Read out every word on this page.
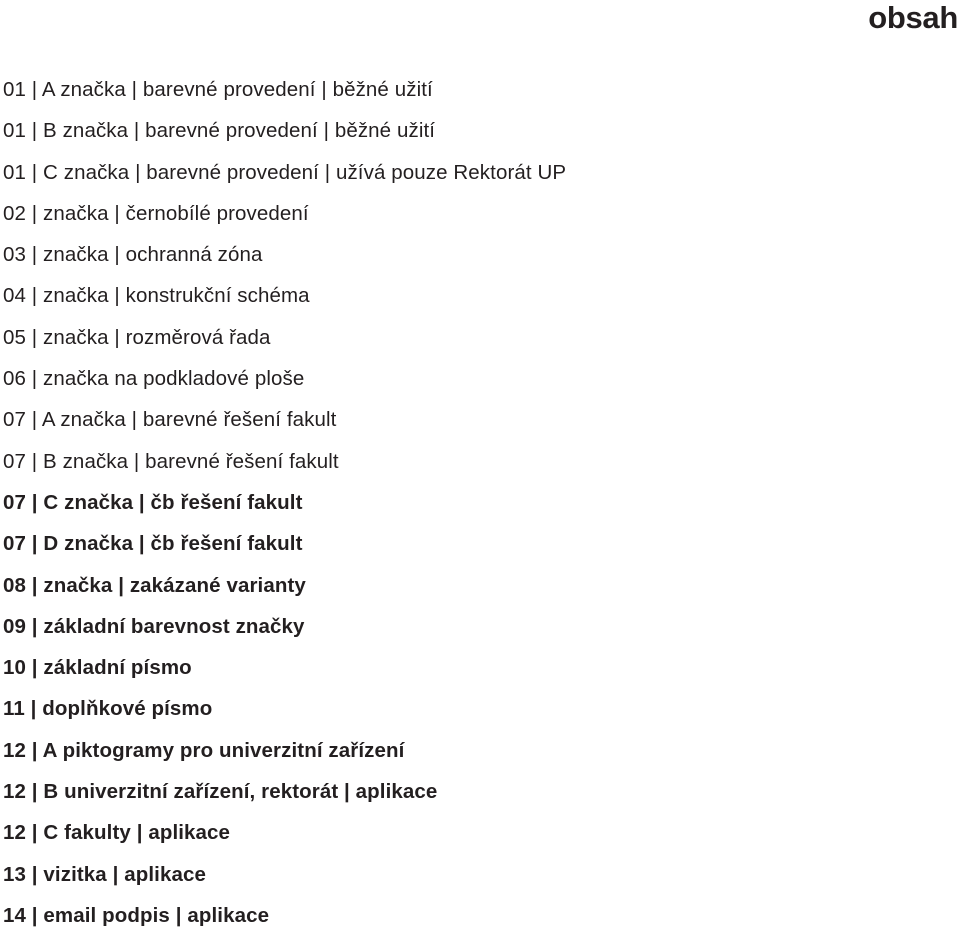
obsah
01 | A značka | barevné provedení | běžné užití
01 | B značka | barevné provedení | běžné užití
01 | C značka | barevné provedení | užívá pouze Rektorát UP
02 | značka | černobílé provedení
03 | značka | ochranná zóna
04 | značka | konstrukční schéma
05 | značka | rozměrová řada
06 | značka na podkladové ploše
07 | A značka | barevné řešení fakult
07 | B značka | barevné řešení fakult
07 | C značka | čb řešení fakult
07 | D značka | čb řešení fakult
08 | značka | zakázané varianty
09 | základní barevnost značky
10 | základní písmo
11 | doplňkové písmo
12 | A piktogramy pro univerzitní zařízení
12 | B univerzitní zařízení, rektorát | aplikace
12 | C fakulty | aplikace
13 | vizitka | aplikace
14 | email podpis | aplikace
